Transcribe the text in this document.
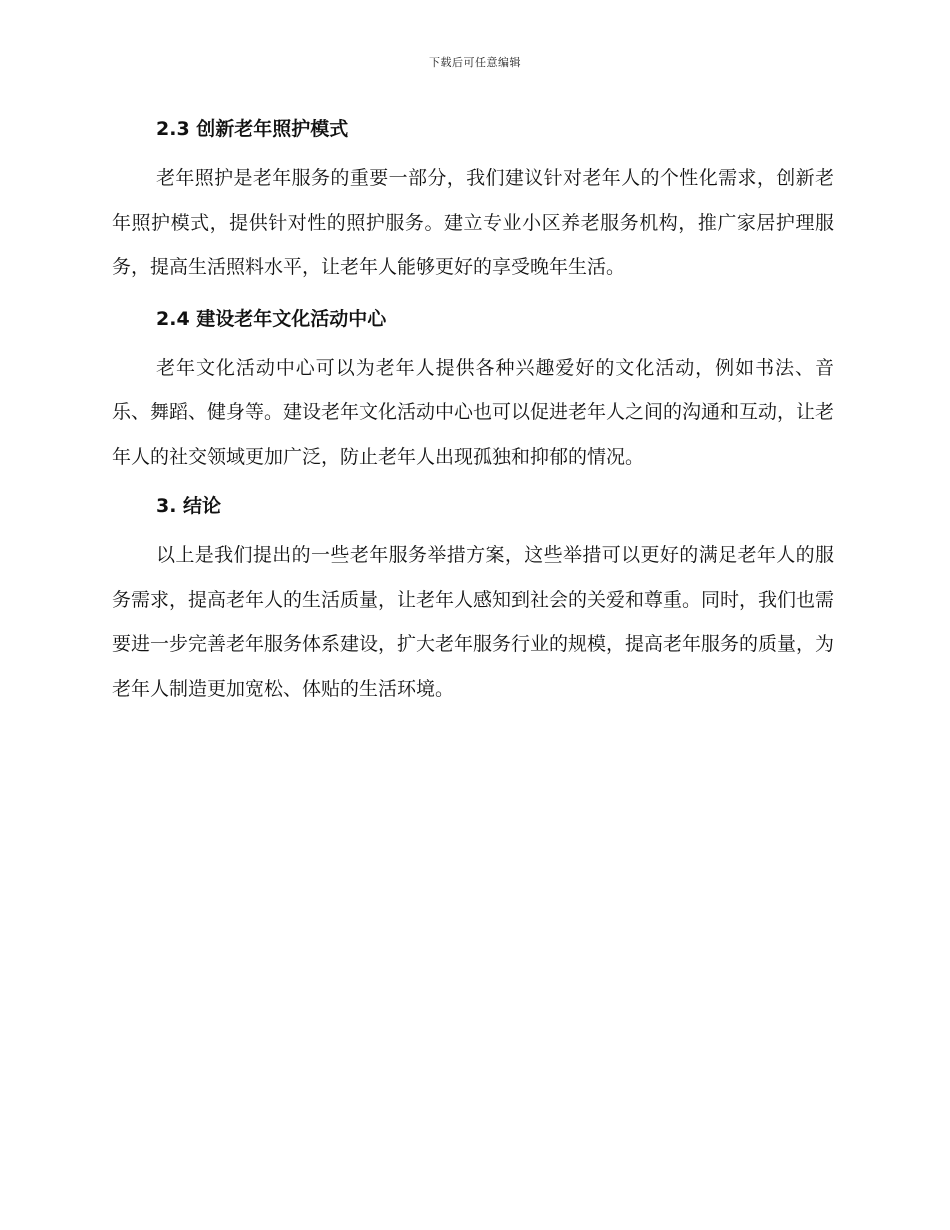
下载后可任意编辑
2.3 创新老年照护模式

老年照护是老年服务的重要一部分，我们建议针对老年人的个性化需求，创新老年照护模式，提供针对性的照护服务。建立专业小区养老服务机构，推广家居护理服务，提高生活照料水平，让老年人能够更好的享受晚年生活。

2.4 建设老年文化活动中心

老年文化活动中心可以为老年人提供各种兴趣爱好的文化活动，例如书法、音乐、舞蹈、健身等。建设老年文化活动中心也可以促进老年人之间的沟通和互动，让老年人的社交领域更加广泛，防止老年人出现孤独和抑郁的情况。

3. 结论

以上是我们提出的一些老年服务举措方案，这些举措可以更好的满足老年人的服务需求，提高老年人的生活质量，让老年人感知到社会的关爱和尊重。同时，我们也需要进一步完善老年服务体系建设，扩大老年服务行业的规模，提高老年服务的质量，为老年人制造更加宽松、体贴的生活环境。
